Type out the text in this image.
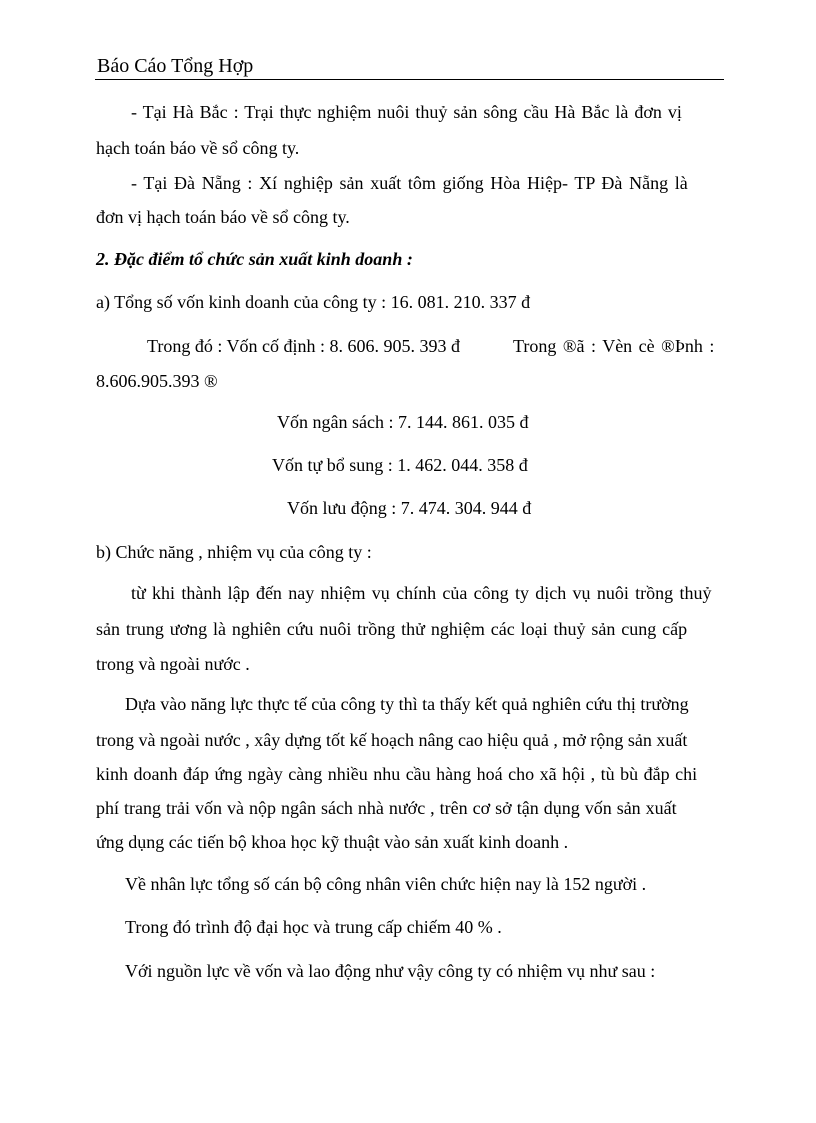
Báo Cáo Tổng Hợp
- Tại Hà Bắc : Trại thực nghiệm nuôi thuỷ sản sông cầu Hà Bắc là đơn vị
hạch toán báo về sổ công ty.
- Tại Đà Nẵng : Xí nghiệp sản xuất tôm giống Hòa Hiệp- TP Đà Nẵng là
đơn vị hạch toán báo về sổ công ty.
2. Đặc điểm tổ chức sản xuất kinh doanh :
a) Tổng số vốn kinh doanh của công ty : 16. 081. 210. 337 đ
Trong đó : Vốn cố định : 8. 606. 905. 393 đ	Trong ®ã : Vèn cè ®Þnh :
8.606.905.393 ®
Vốn ngân sách : 7. 144. 861. 035 đ
Vốn tự bổ sung : 1. 462. 044. 358 đ
Vốn lưu động : 7. 474. 304. 944 đ
b) Chức năng , nhiệm vụ của công ty :
từ khi thành lập đến nay nhiệm vụ chính của công ty dịch vụ nuôi trồng thuỷ
sản trung ương là nghiên cứu nuôi trồng thử nghiệm các loại thuỷ sản cung cấp
trong và ngoài nước .
Dựa vào năng lực thực tế của công ty thì ta thấy kết quả nghiên cứu thị trường
trong và ngoài nước , xây dựng tốt kế hoạch nâng cao hiệu quả , mở rộng sản xuất
kinh doanh đáp ứng ngày càng nhiều nhu cầu hàng hoá cho xã hội , tù bù đắp chi
phí trang trải vốn và nộp ngân sách nhà nước , trên cơ sở tận dụng vốn sản xuất
ứng dụng các tiến bộ khoa học kỹ thuật vào sản xuất kinh doanh .
Về nhân lực tổng số cán bộ công nhân viên chức hiện nay là 152 người .
Trong đó trình độ đại học và trung cấp chiếm 40 % .
Với nguồn lực về vốn và lao động như vậy công ty có nhiệm vụ như sau :
